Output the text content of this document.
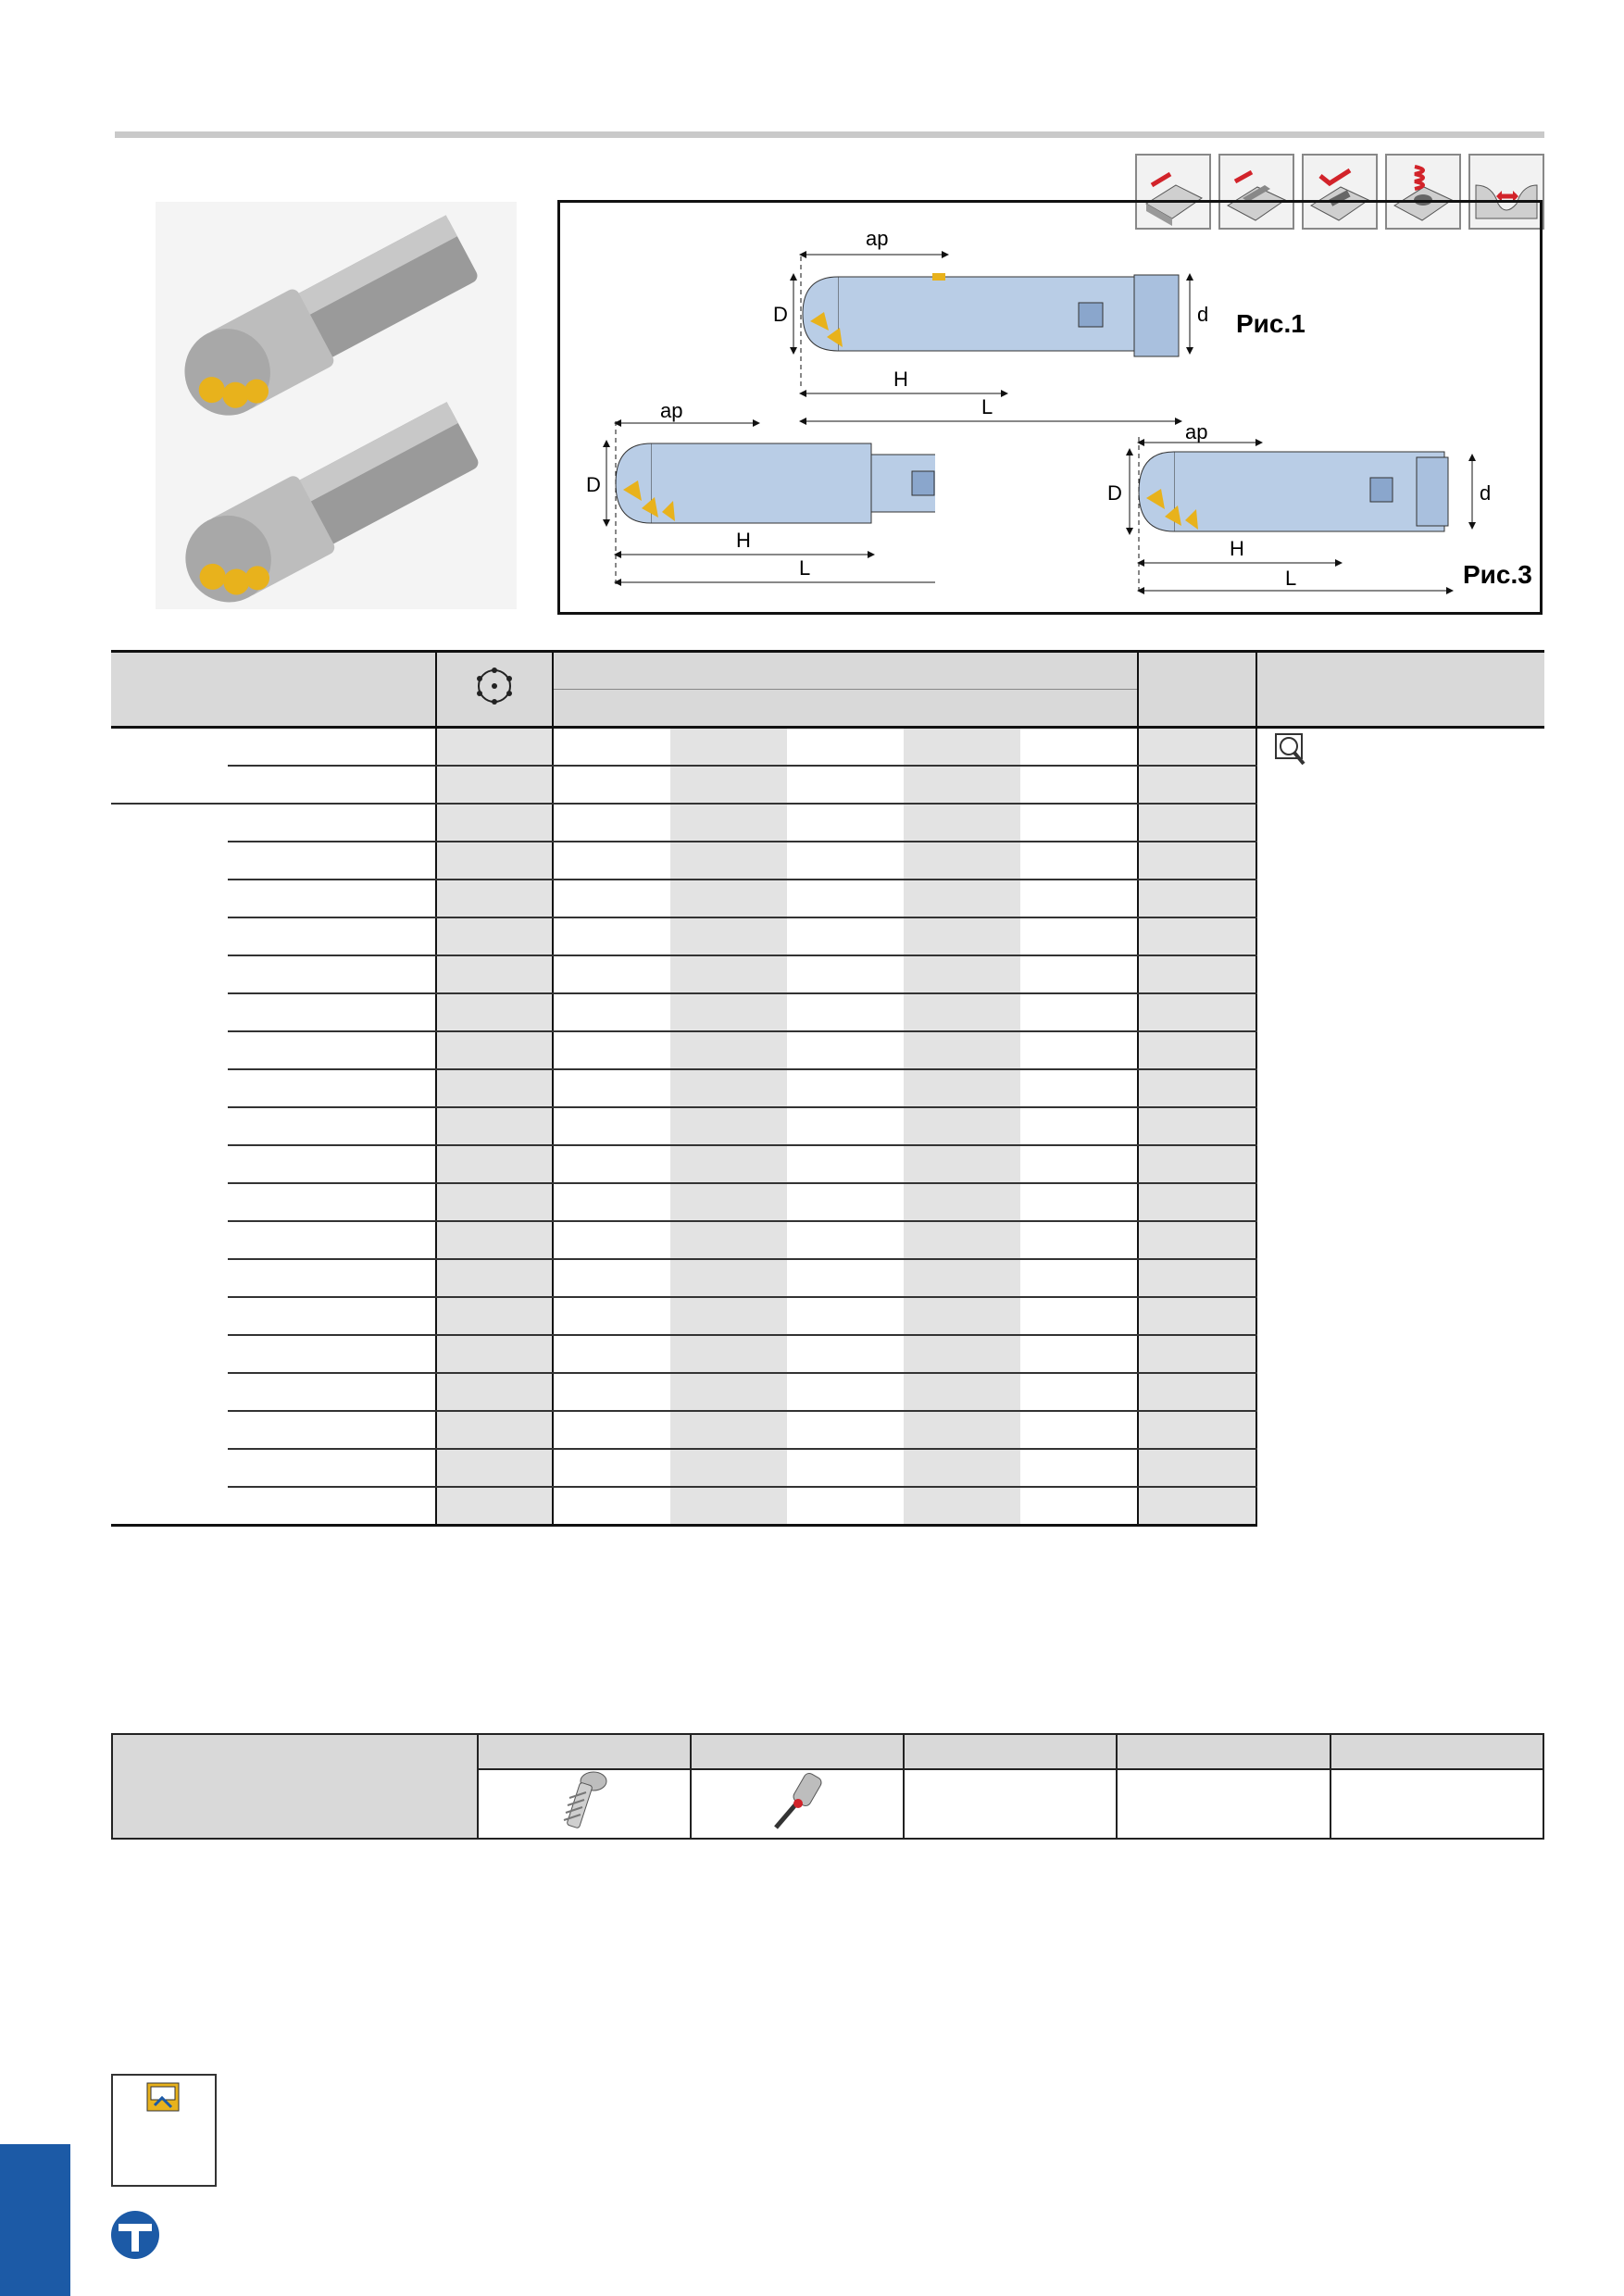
ap
D	d
H
L
Рис.1
ap
D
H
L
ap
D	d
H
L	Рис.3
